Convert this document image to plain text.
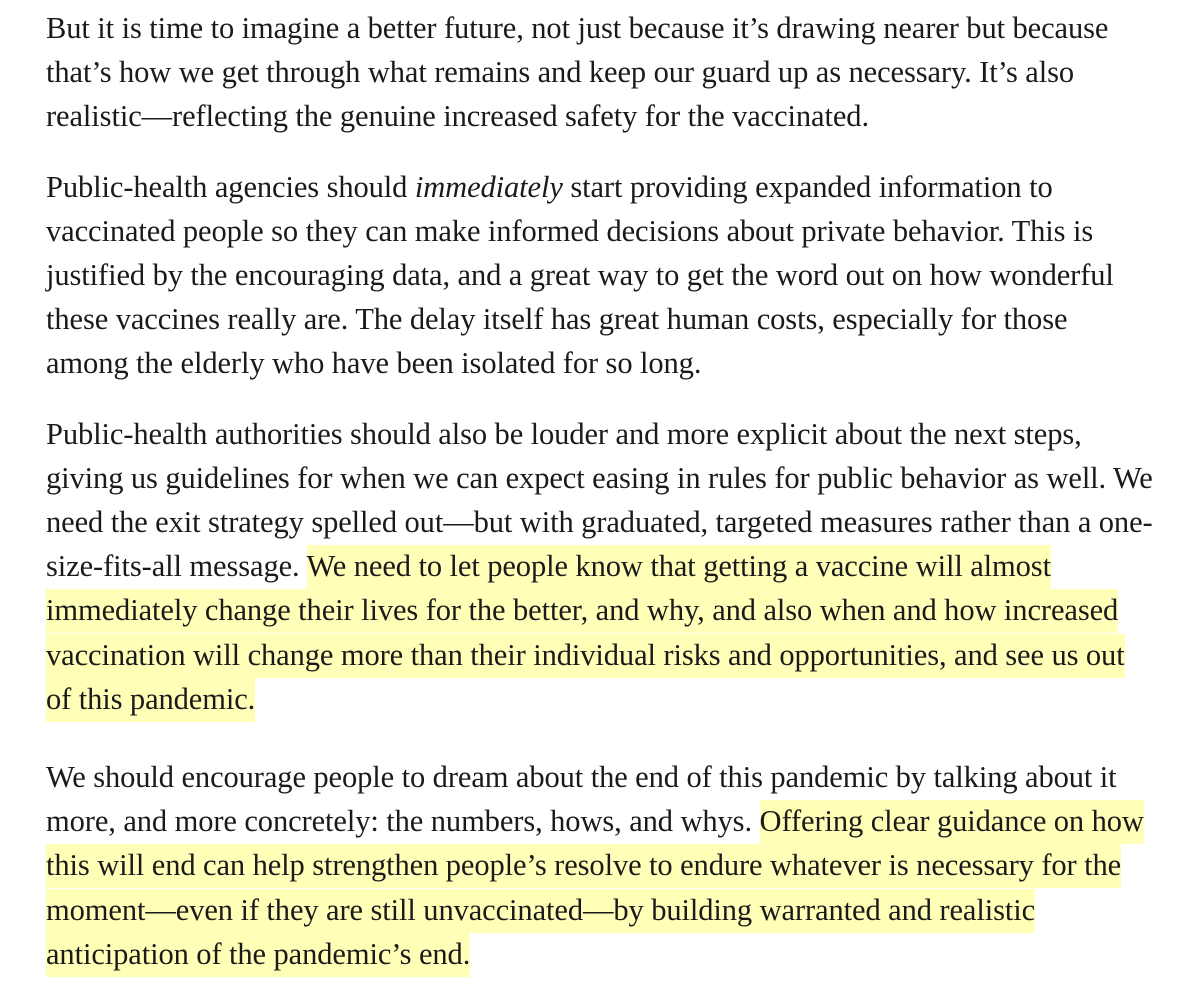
But it is time to imagine a better future, not just because it’s drawing nearer but because that’s how we get through what remains and keep our guard up as necessary. It’s also realistic—reflecting the genuine increased safety for the vaccinated.

Public-health agencies should immediately start providing expanded information to vaccinated people so they can make informed decisions about private behavior. This is justified by the encouraging data, and a great way to get the word out on how wonderful these vaccines really are. The delay itself has great human costs, especially for those among the elderly who have been isolated for so long.

Public-health authorities should also be louder and more explicit about the next steps, giving us guidelines for when we can expect easing in rules for public behavior as well. We need the exit strategy spelled out—but with graduated, targeted measures rather than a one-size-fits-all message. We need to let people know that getting a vaccine will almost immediately change their lives for the better, and why, and also when and how increased vaccination will change more than their individual risks and opportunities, and see us out of this pandemic.

We should encourage people to dream about the end of this pandemic by talking about it more, and more concretely: the numbers, hows, and whys. Offering clear guidance on how this will end can help strengthen people’s resolve to endure whatever is necessary for the moment—even if they are still unvaccinated—by building warranted and realistic anticipation of the pandemic’s end.
